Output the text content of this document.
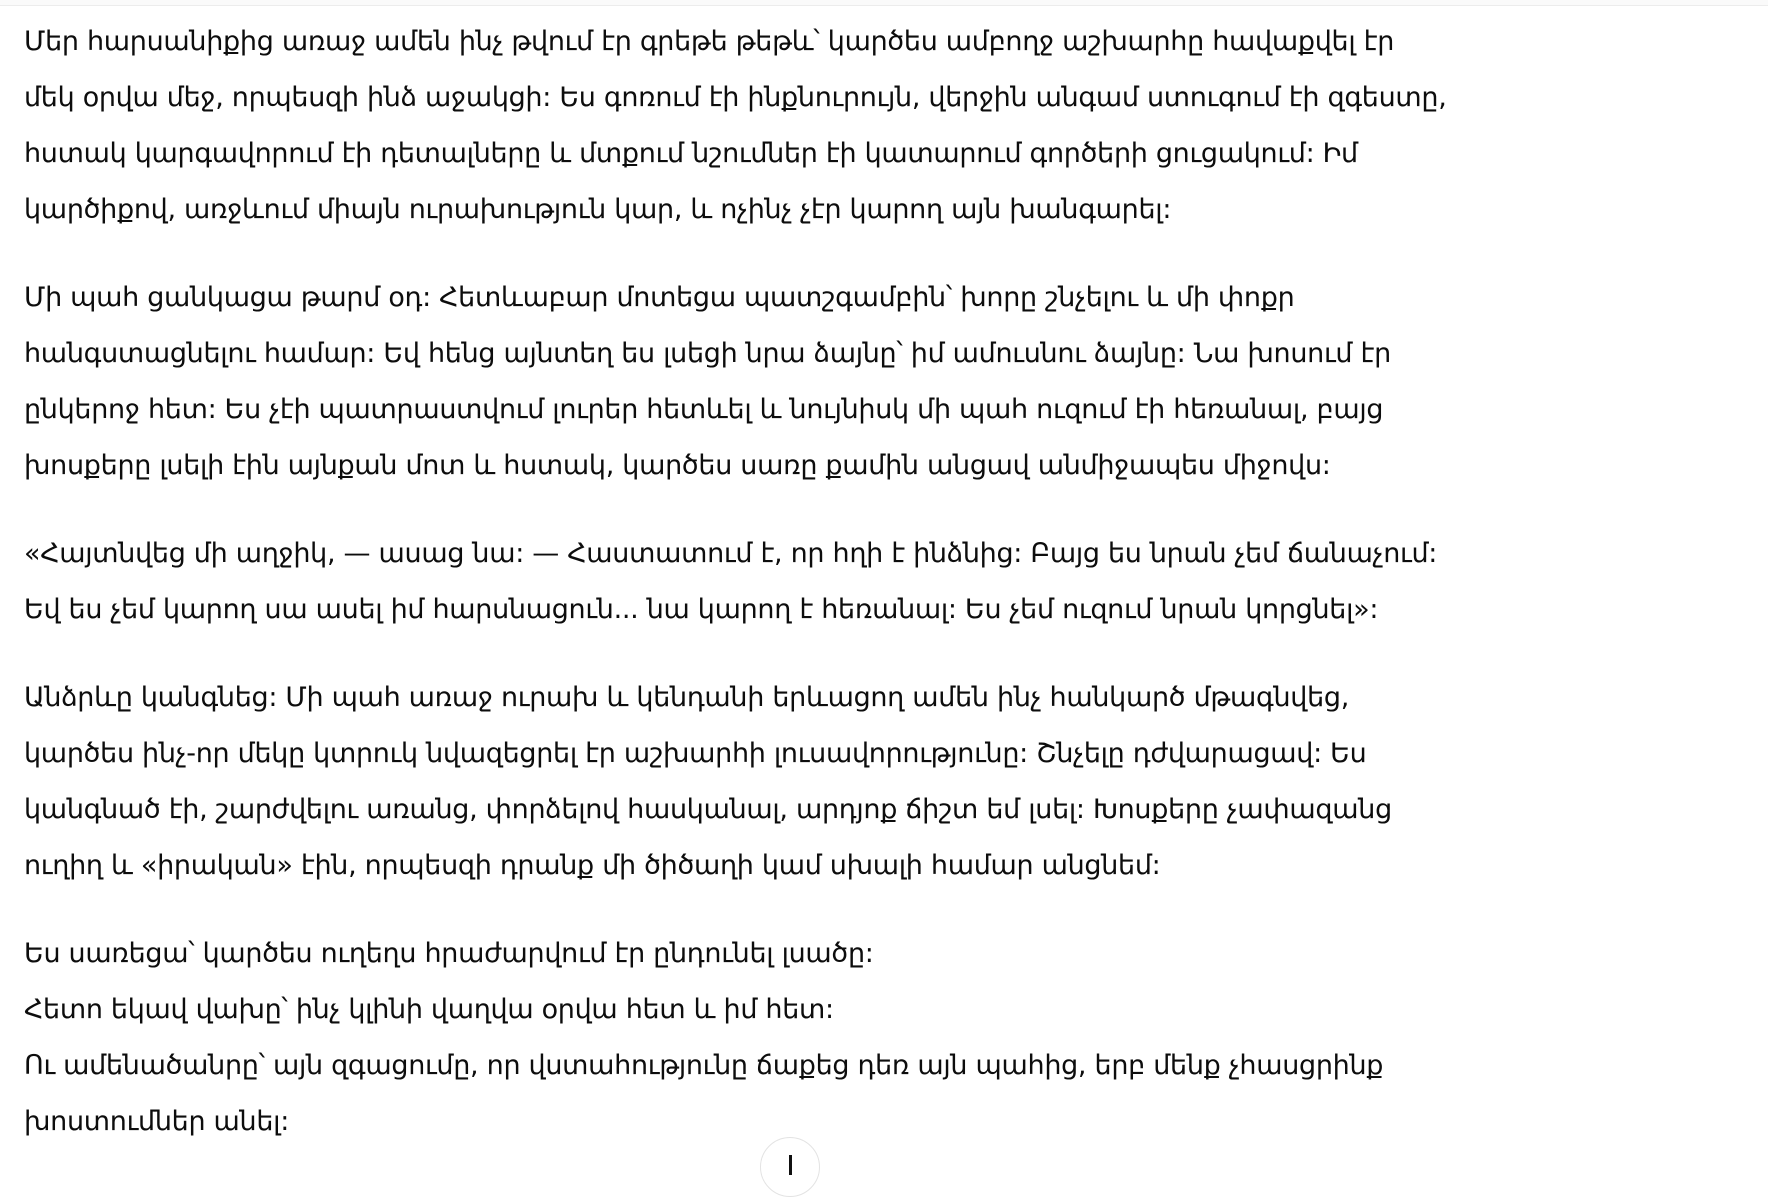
Մեր հարսանիքից առաջ ամեն ինչ թվում էր գրեթե թեթև՝ կարծես ամբողջ աշխարհը հավաքվել էր
մեկ օրվա մեջ, որպեսզի ինձ աջակցի: Ես գոռում էի ինքնուրույն, վերջին անգամ ստուգում էի զգեստը,
հստակ կարգավորում էի դետալները և մտքում նշումներ էի կատարում գործերի ցուցակում: Իմ
կարծիքով, առջևում միայն ուրախություն կար, և ոչինչ չէր կարող այն խանգարել:

Մի պահ ցանկացա թարմ օդ: Հետևաբար մոտեցա պատշգամբին՝ խորը շնչելու և մի փոքր
հանգստացնելու համար: Եվ հենց այնտեղ ես լսեցի նրա ձայնը՝ իմ ամուսնու ձայնը: Նա խոսում էր
ընկերոջ հետ: Ես չէի պատրաստվում լուրեր հետևել և նույնիսկ մի պահ ուզում էի հեռանալ, բայց
խոսքերը լսելի էին այնքան մոտ և հստակ, կարծես սառը քամին անցավ անմիջապես միջովս:

«Հայտնվեց մի աղջիկ, — ասաց նա: — Հաստատում է, որ հղի է ինձնից: Բայց ես նրան չեմ ճանաչում:
Եվ ես չեմ կարող սա ասել իմ հարսնացուն... նա կարող է հեռանալ: Ես չեմ ուզում նրան կորցնել»:

Անձրևը կանգնեց: Մի պահ առաջ ուրախ և կենդանի երևացող ամեն ինչ հանկարծ մթագնվեց,
կարծես ինչ-որ մեկը կտրուկ նվազեցրել էր աշխարհի լուսավորությունը: Շնչելը դժվարացավ: Ես
կանգնած էի, շարժվելու առանց, փորձելով հասկանալ, արդյոք ճիշտ եմ լսել: Խոսքերը չափազանց
ուղիղ և «իրական» էին, որպեսզի դրանք մի ծիծաղի կամ սխալի համար անցնեմ:

Ես սառեցա՝ կարծես ուղեղս հրաժարվում էր ընդունել լսածը:
Հետո եկավ վախը՝ ինչ կլինի վաղվա օրվա հետ և իմ հետ:
Ու ամենածանրը՝ այն զգացումը, որ վստահությունը ճաքեց դեռ այն պահից, երբ մենք չհասցրինք
խոստումներ անել:
